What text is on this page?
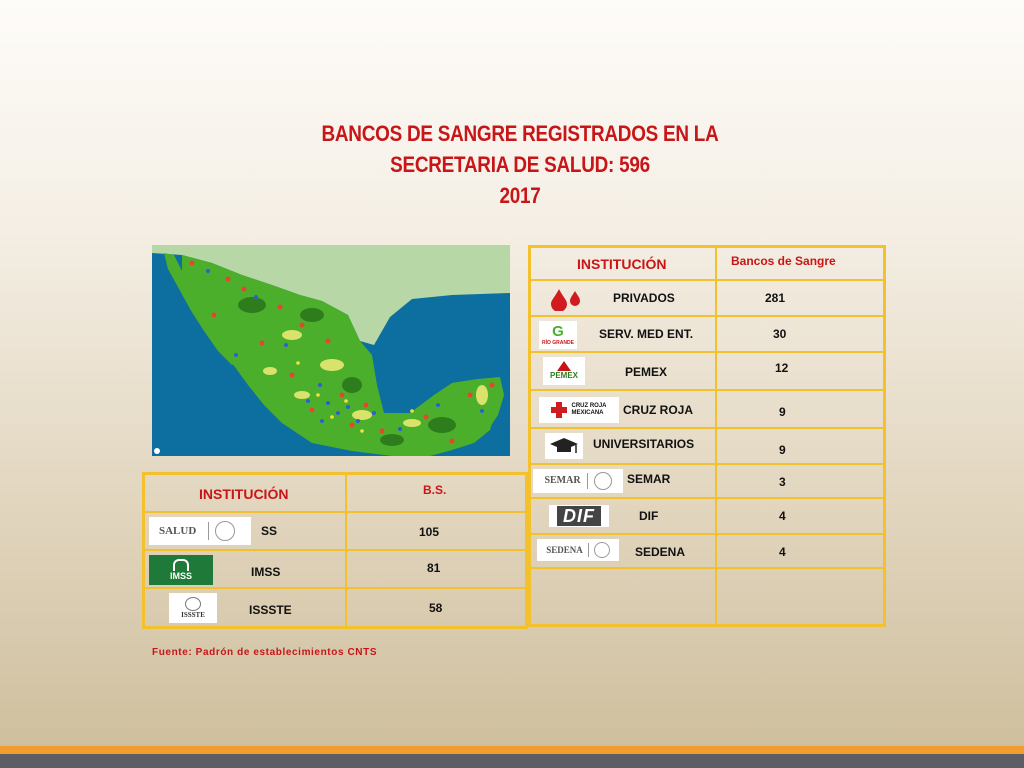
BANCOS DE SANGRE REGISTRADOS EN LA
SECRETARIA DE SALUD: 596
2017
INSTITUCIÓN	B.S.

SALUD SS	105

IMSS IMSS	81

ISSSTE ISSSTE	58
INSTITUCIÓN	Bancos de Sangre

PRIVADOS	281

G
RÍO GRANDE
SERV. MED ENT.	30

PEMEX PEMEX	12

CRUZ ROJA
MEXICANA CRUZ ROJA	9

UNIVERSITARIOS	9

SEMAR SEMAR	3

DIF DIF	4

SEDENA SEDENA	4

Fuente: Padrón de establecimientos CNTS
